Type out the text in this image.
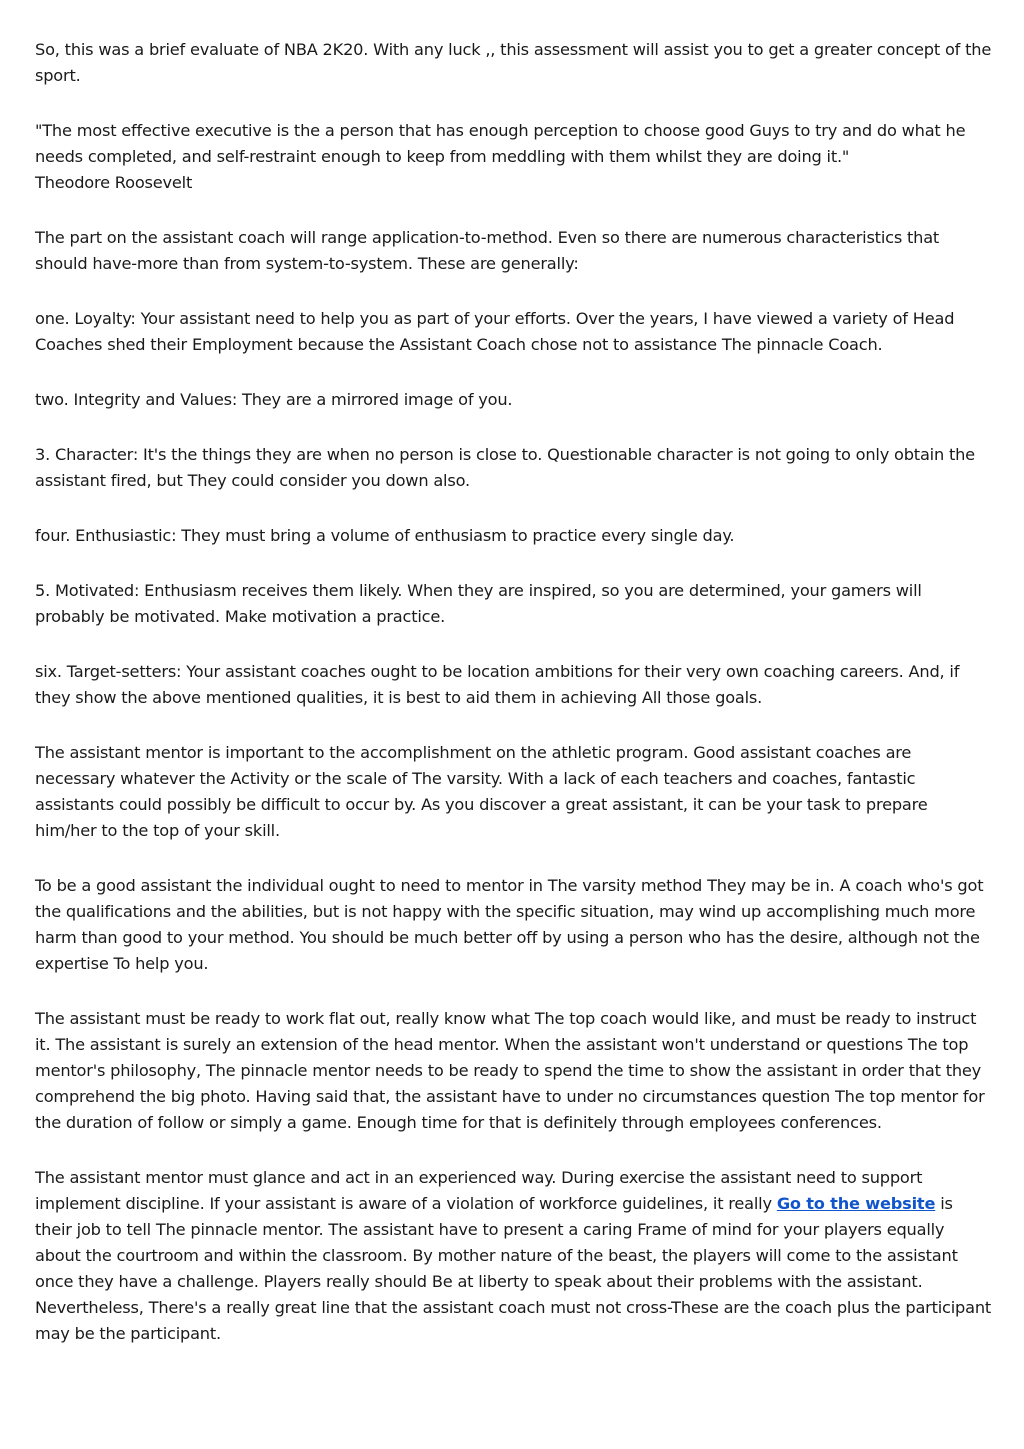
So, this was a brief evaluate of NBA 2K20. With any luck ,, this assessment will assist you to get a greater concept of the sport.

"The most effective executive is the a person that has enough perception to choose good Guys to try and do what he needs completed, and self-restraint enough to keep from meddling with them whilst they are doing it."
Theodore Roosevelt

The part on the assistant coach will range application-to-method. Even so there are numerous characteristics that should have-more than from system-to-system. These are generally:

one. Loyalty: Your assistant need to help you as part of your efforts. Over the years, I have viewed a variety of Head Coaches shed their Employment because the Assistant Coach chose not to assistance The pinnacle Coach.

two. Integrity and Values: They are a mirrored image of you.

3. Character: It's the things they are when no person is close to. Questionable character is not going to only obtain the assistant fired, but They could consider you down also.

four. Enthusiastic: They must bring a volume of enthusiasm to practice every single day.

5. Motivated: Enthusiasm receives them likely. When they are inspired, so you are determined, your gamers will probably be motivated. Make motivation a practice.

six. Target-setters: Your assistant coaches ought to be location ambitions for their very own coaching careers. And, if they show the above mentioned qualities, it is best to aid them in achieving All those goals.

The assistant mentor is important to the accomplishment on the athletic program. Good assistant coaches are necessary whatever the Activity or the scale of The varsity. With a lack of each teachers and coaches, fantastic assistants could possibly be difficult to occur by. As you discover a great assistant, it can be your task to prepare him/her to the top of your skill.

To be a good assistant the individual ought to need to mentor in The varsity method They may be in. A coach who's got the qualifications and the abilities, but is not happy with the specific situation, may wind up accomplishing much more harm than good to your method. You should be much better off by using a person who has the desire, although not the expertise To help you.

The assistant must be ready to work flat out, really know what The top coach would like, and must be ready to instruct it. The assistant is surely an extension of the head mentor. When the assistant won't understand or questions The top mentor's philosophy, The pinnacle mentor needs to be ready to spend the time to show the assistant in order that they comprehend the big photo. Having said that, the assistant have to under no circumstances question The top mentor for the duration of follow or simply a game. Enough time for that is definitely through employees conferences.

The assistant mentor must glance and act in an experienced way. During exercise the assistant need to support implement discipline. If your assistant is aware of a violation of workforce guidelines, it really Go to the website is their job to tell The pinnacle mentor. The assistant have to present a caring Frame of mind for your players equally about the courtroom and within the classroom. By mother nature of the beast, the players will come to the assistant once they have a challenge. Players really should Be at liberty to speak about their problems with the assistant. Nevertheless, There's a really great line that the assistant coach must not cross-These are the coach plus the participant may be the participant.
